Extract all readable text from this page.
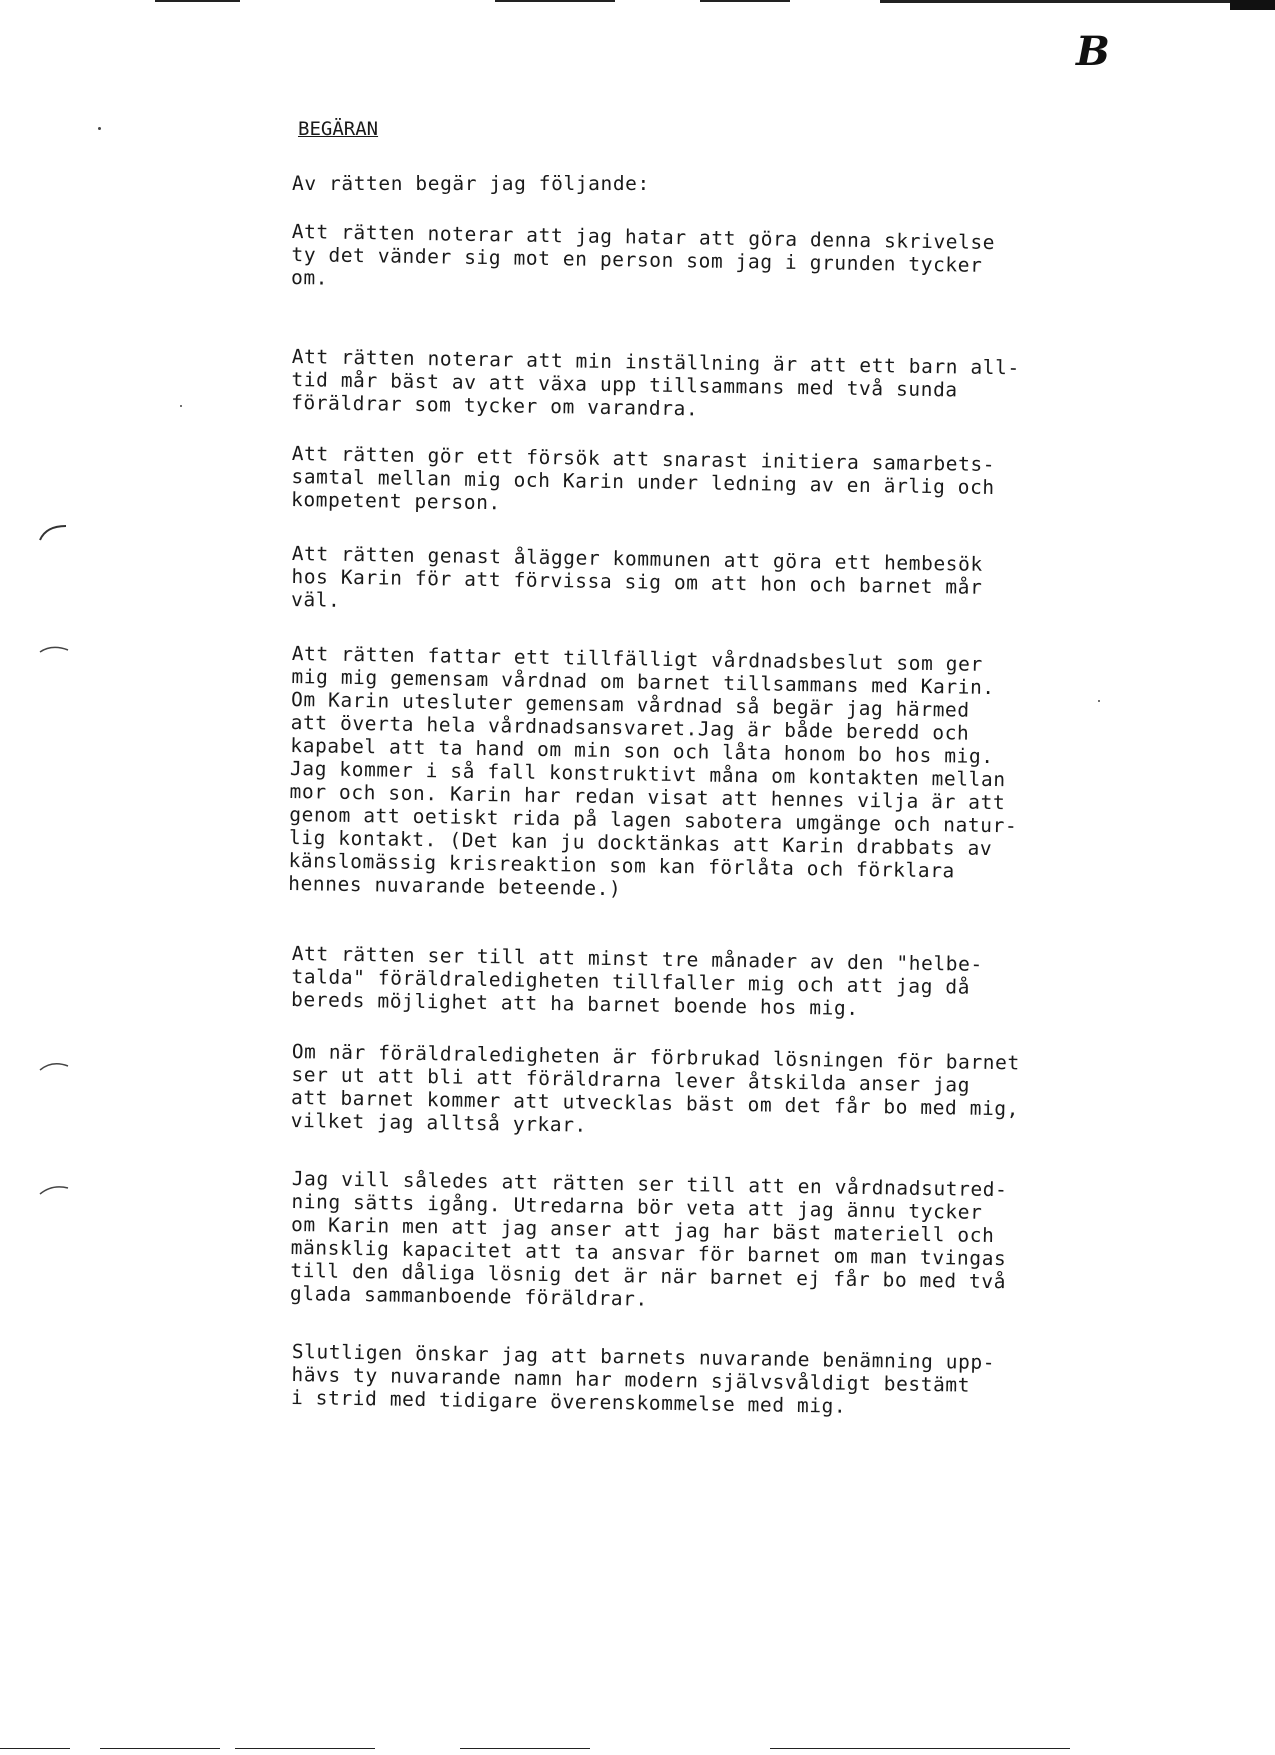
B
BEGÄRAN
Av rätten begär jag följande:
Att rätten noterar att jag hatar att göra denna skrivelse
ty det vänder sig mot en person som jag i grunden tycker
om.
Att rätten noterar att min inställning är att ett barn all-
tid mår bäst av att växa upp tillsammans med två sunda
föräldrar som tycker om varandra.
Att rätten gör ett försök att snarast initiera samarbets-
samtal mellan mig och Karin under ledning av en ärlig och
kompetent person.
Att rätten genast ålägger kommunen att göra ett hembesök
hos Karin för att förvissa sig om att hon och barnet mår
väl.
Att rätten fattar ett tillfälligt vårdnadsbeslut som ger
mig mig gemensam vårdnad om barnet tillsammans med Karin.
Om Karin utesluter gemensam vårdnad så begär jag härmed
att överta hela vårdnadsansvaret.Jag är både beredd och
kapabel att ta hand om min son och låta honom bo hos mig.
Jag kommer i så fall konstruktivt måna om kontakten mellan
mor och son. Karin har redan visat att hennes vilja är att
genom att oetiskt rida på lagen sabotera umgänge och natur-
lig kontakt. (Det kan ju docktänkas att Karin drabbats av
känslomässig krisreaktion som kan förlåta och förklara
hennes nuvarande beteende.)
Att rätten ser till att minst tre månader av den "helbe-
talda" föräldraledigheten tillfaller mig och att jag då
bereds möjlighet att ha barnet boende hos mig.
Om när föräldraledigheten är förbrukad lösningen för barnet
ser ut att bli att föräldrarna lever åtskilda anser jag
att barnet kommer att utvecklas bäst om det får bo med mig,
vilket jag alltså yrkar.
Jag vill således att rätten ser till att en vårdnadsutred-
ning sätts igång. Utredarna bör veta att jag ännu tycker
om Karin men att jag anser att jag har bäst materiell och
mänsklig kapacitet att ta ansvar för barnet om man tvingas
till den dåliga lösnig det är när barnet ej får bo med två
glada sammanboende föräldrar.
Slutligen önskar jag att barnets nuvarande benämning upp-
hävs ty nuvarande namn har modern självsvåldigt bestämt
i strid med tidigare överenskommelse med mig.
